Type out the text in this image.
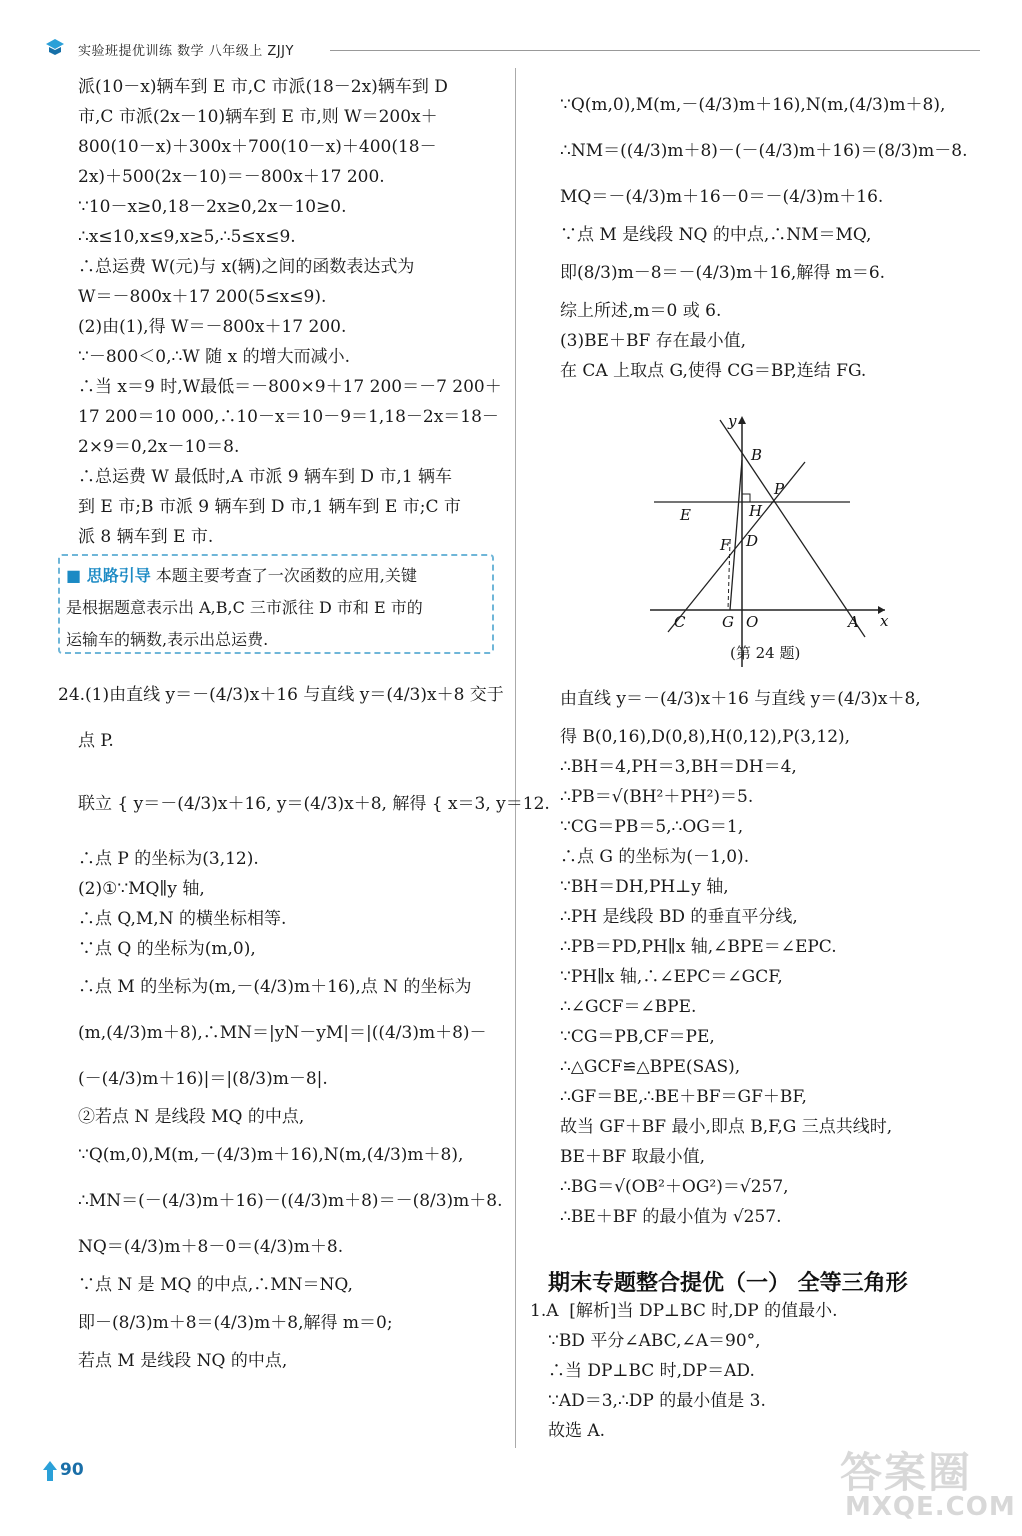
实验班提优训练 数学 八年级上 ZJJY
派(10－x)辆车到 E 市,C 市派(18－2x)辆车到 D
市,C 市派(2x－10)辆车到 E 市,则 W＝200x＋
800(10－x)＋300x＋700(10－x)＋400(18－
2x)＋500(2x－10)＝－800x＋17 200.
∵10－x≥0,18－2x≥0,2x－10≥0.
∴x≤10,x≤9,x≥5,∴5≤x≤9.
∴总运费 W(元)与 x(辆)之间的函数表达式为
W＝－800x＋17 200(5≤x≤9).
(2)由(1),得 W＝－800x＋17 200.
∵－800＜0,∴W 随 x 的增大而减小.
∴当 x＝9 时,W最低＝－800×9＋17 200＝－7 200＋
17 200＝10 000,∴10－x＝10－9＝1,18－2x＝18－
2×9＝0,2x－10＝8.
∴总运费 W 最低时,A 市派 9 辆车到 D 市,1 辆车
到 E 市;B 市派 9 辆车到 D 市,1 辆车到 E 市;C 市
派 8 辆车到 E 市.
■ 思路引导 本题主要考查了一次函数的应用,关键
是根据题意表示出 A,B,C 三市派往 D 市和 E 市的
运输车的辆数,表示出总运费.
24.(1)由直线 y＝－(4/3)x＋16 与直线 y＝(4/3)x＋8 交于
点 P.
联立 { y＝－(4/3)x＋16, y＝(4/3)x＋8, 解得 { x＝3, y＝12.
∴点 P 的坐标为(3,12).
(2)①∵MQ∥y 轴,
∴点 Q,M,N 的横坐标相等.
∵点 Q 的坐标为(m,0),
∴点 M 的坐标为(m,－(4/3)m＋16),点 N 的坐标为
(m,(4/3)m＋8),∴MN＝|yN－yM|＝|((4/3)m＋8)－
(－(4/3)m＋16)|＝|(8/3)m－8|.
②若点 N 是线段 MQ 的中点,
∵Q(m,0),M(m,－(4/3)m＋16),N(m,(4/3)m＋8),
∴MN＝(－(4/3)m＋16)－((4/3)m＋8)＝－(8/3)m＋8.
NQ＝(4/3)m＋8－0＝(4/3)m＋8.
∵点 N 是 MQ 的中点,∴MN＝NQ,
即－(8/3)m＋8＝(4/3)m＋8,解得 m＝0;
若点 M 是线段 NQ 的中点,
∵Q(m,0),M(m,－(4/3)m＋16),N(m,(4/3)m＋8),
∴NM＝((4/3)m＋8)－(－(4/3)m＋16)＝(8/3)m－8.
MQ＝－(4/3)m＋16－0＝－(4/3)m＋16.
∵点 M 是线段 NQ 的中点,∴NM＝MQ,
即(8/3)m－8＝－(4/3)m＋16,解得 m＝6.
综上所述,m＝0 或 6.
(3)BE＋BF 存在最小值,
在 CA 上取点 G,使得 CG＝BP,连结 FG.
y
B
P
E	H
F D
C G O	A x
(第 24 题)
由直线 y＝－(4/3)x＋16 与直线 y＝(4/3)x＋8,
得 B(0,16),D(0,8),H(0,12),P(3,12),
∴BH＝4,PH＝3,BH＝DH＝4,
∴PB＝√(BH²＋PH²)＝5.
∵CG＝PB＝5,∴OG＝1,
∴点 G 的坐标为(－1,0).
∵BH＝DH,PH⊥y 轴,
∴PH 是线段 BD 的垂直平分线,
∴PB＝PD,PH∥x 轴,∠BPE＝∠EPC.
∵PH∥x 轴,∴∠EPC＝∠GCF,
∴∠GCF＝∠BPE.
∵CG＝PB,CF＝PE,
∴△GCF≌△BPE(SAS),
∴GF＝BE,∴BE＋BF＝GF＋BF,
故当 GF＋BF 最小,即点 B,F,G 三点共线时,
BE＋BF 取最小值,
∴BG＝√(OB²＋OG²)＝√257,
∴BE＋BF 的最小值为 √257.
期末专题整合提优（一） 全等三角形
1.A  [解析]当 DP⊥BC 时,DP 的值最小.
∵BD 平分∠ABC,∠A＝90°,
∴当 DP⊥BC 时,DP＝AD.
∵AD＝3,∴DP 的最小值是 3.
故选 A.
90	答案圈
MXQE.COM
